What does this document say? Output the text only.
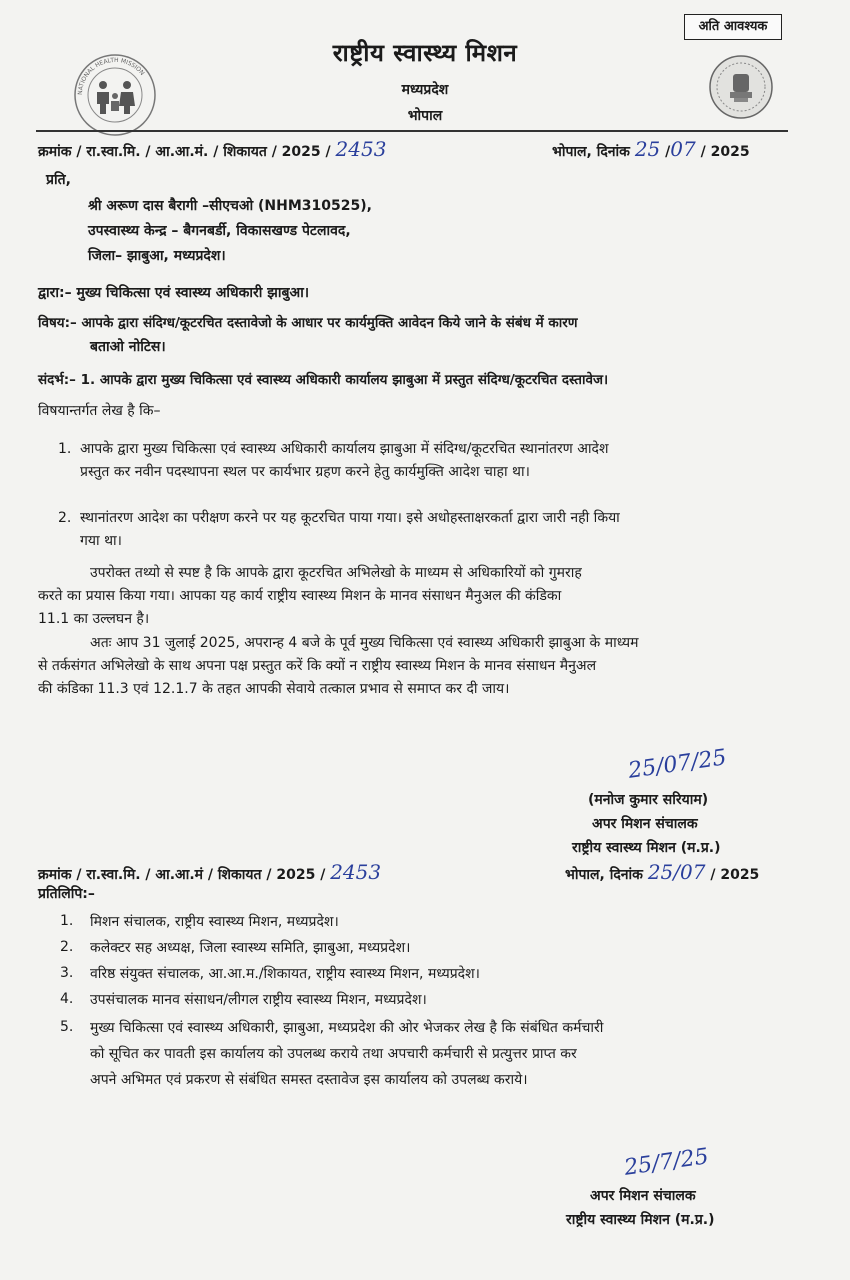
अति आवश्यक
NATIONAL HEALTH MISSION
राष्ट्रीय स्वास्थ्य मिशन
मध्यप्रदेश
भोपाल
क्रमांक / रा.स्वा.मि. / आ.आ.मं. / शिकायत / 2025 / 2453	भोपाल, दिनांक 25 /07 / 2025
प्रति,
श्री अरूण दास बैरागी –सीएचओ (NHM310525),
उपस्वास्थ्य केन्द्र – बैगनबर्डी, विकासखण्ड पेटलावद,
जिला– झाबुआ, मध्यप्रदेश।
द्वारा:– मुख्य चिकित्सा एवं स्वास्थ्य अधिकारी झाबुआ।
विषय:– आपके द्वारा संदिग्ध/कूटरचित दस्तावेजो के आधार पर कार्यमुक्ति आवेदन किये जाने के संबंध में कारण
बताओ नोटिस।
संदर्भ:– 1. आपके द्वारा मुख्य चिकित्सा एवं स्वास्थ्य अधिकारी कार्यालय झाबुआ में प्रस्तुत संदिग्ध/कूटरचित दस्तावेज।
विषयान्तर्गत लेख है कि–
1. आपके द्वारा मुख्य चिकित्सा एवं स्वास्थ्य अधिकारी कार्यालय झाबुआ में संदिग्ध/कूटरचित स्थानांतरण आदेश
प्रस्तुत कर नवीन पदस्थापना स्थल पर कार्यभार ग्रहण करने हेतु कार्यमुक्ति आदेश चाहा था।
2. स्थानांतरण आदेश का परीक्षण करने पर यह कूटरचित पाया गया। इसे अधोहस्ताक्षरकर्ता द्वारा जारी नही किया
गया था।
उपरोक्त तथ्यो से स्पष्ट है कि आपके द्वारा कूटरचित अभिलेखो के माध्यम से अधिकारियों को गुमराह
करते का प्रयास किया गया। आपका यह कार्य राष्ट्रीय स्वास्थ्य मिशन के मानव संसाधन मैनुअल की कंडिका
11.1 का उल्लघन है।
अतः आप 31 जुलाई 2025, अपरान्ह 4 बजे के पूर्व मुख्य चिकित्सा एवं स्वास्थ्य अधिकारी झाबुआ के माध्यम
से तर्कसंगत अभिलेखो के साथ अपना पक्ष प्रस्तुत करें कि क्यों न राष्ट्रीय स्वास्थ्य मिशन के मानव संसाधन मैनुअल
की कंडिका 11.3 एवं 12.1.7 के तहत आपकी सेवाये तत्काल प्रभाव से समाप्त कर दी जाय।
25/07/25
(मनोज कुमार सरियाम)
अपर मिशन संचालक
राष्ट्रीय स्वास्थ्य मिशन (म.प्र.)
भोपाल, दिनांक 25/07 / 2025
क्रमांक / रा.स्वा.मि. / आ.आ.मं / शिकायत / 2025 / 2453
प्रतिलिपि:–
1. मिशन संचालक, राष्ट्रीय स्वास्थ्य मिशन, मध्यप्रदेश।
2. कलेक्टर सह अध्यक्ष, जिला स्वास्थ्य समिति, झाबुआ, मध्यप्रदेश।
3. वरिष्ठ संयुक्त संचालक, आ.आ.म./शिकायत, राष्ट्रीय स्वास्थ्य मिशन, मध्यप्रदेश।
4. उपसंचालक मानव संसाधन/लीगल राष्ट्रीय स्वास्थ्य मिशन, मध्यप्रदेश।
5. मुख्य चिकित्सा एवं स्वास्थ्य अधिकारी, झाबुआ, मध्यप्रदेश की ओर भेजकर लेख है कि संबंधित कर्मचारी
को सूचित कर पावती इस कार्यालय को उपलब्ध कराये तथा अपचारी कर्मचारी से प्रत्युत्तर प्राप्त कर
अपने अभिमत एवं प्रकरण से संबंधित समस्त दस्तावेज इस कार्यालय को उपलब्ध कराये।
25/7/25
अपर मिशन संचालक
राष्ट्रीय स्वास्थ्य मिशन (म.प्र.)
